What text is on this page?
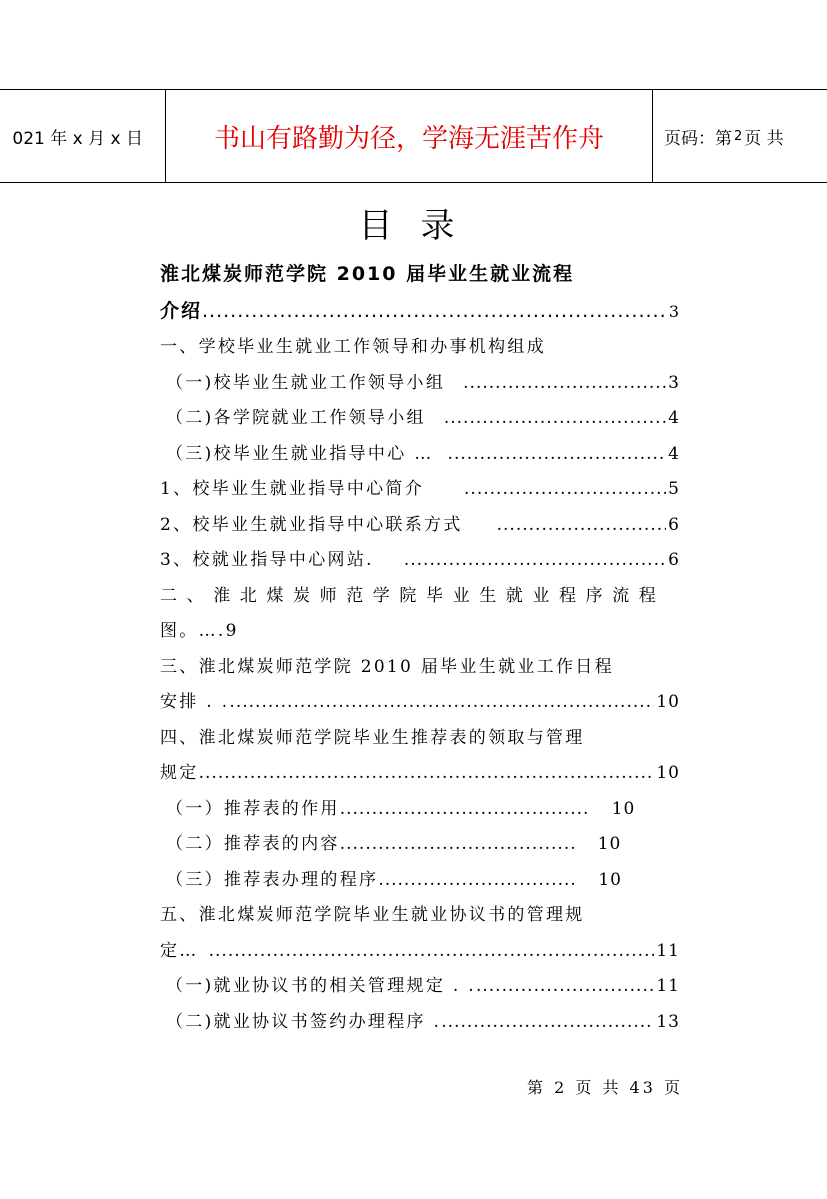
021 年 x 月 x 日	书山有路勤为径，学海无涯苦作舟	页码：第 2 页 共
目录
淮北煤炭师范学院 2010 届毕业生就业流程
介绍 .....	3
一、学校毕业生就业工作领导和办事机构组成
（一)校毕业生就业工作领导小组 .....	3
（二)各学院就业工作领导小组 .....	4
（三)校毕业生就业指导中心 … .....	4
1、校毕业生就业指导中心简介 .....	5
2、校毕业生就业指导中心联系方式 .....	6
3、校就业指导中心网站. .....	6
二、淮北煤炭师范学院毕业生就业程序流程
图。….9
三、淮北煤炭师范学院 2010 届毕业生就业工作日程
安排 . . .....	10
四、淮北煤炭师范学院毕业生推荐表的领取与管理
规定 .....	10
（一）推荐表的作用 .....	10
（二）推荐表的内容 .....	10
（三）推荐表办理的程序 .....	10
五、淮北煤炭师范学院毕业生就业协议书的管理规
定… .....	11
（一)就业协议书的相关管理规定 . . .....	11
（二)就业协议书签约办理程序 . .....	13
第 2 页 共 43 页
